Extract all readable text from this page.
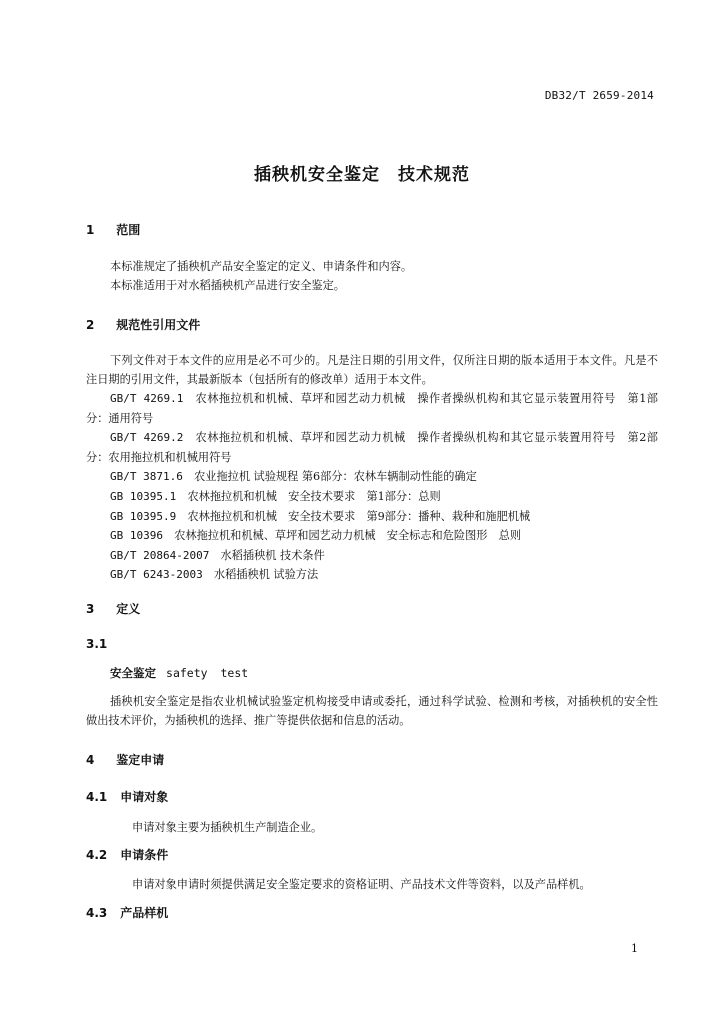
DB32/T 2659-2014
插秧机安全鉴定　技术规范
1 范围
本标准规定了插秧机产品安全鉴定的定义、申请条件和内容。
本标准适用于对水稻插秧机产品进行安全鉴定。
2 规范性引用文件
下列文件对于本文件的应用是必不可少的。凡是注日期的引用文件，仅所注日期的版本适用于本文件。凡是不注日期的引用文件，其最新版本（包括所有的修改单）适用于本文件。
GB/T 4269.1　 农林拖拉机和机械、草坪和园艺动力机械　操作者操纵机构和其它显示装置用符号　第1部分：通用符号
GB/T 4269.2　 农林拖拉机和机械、草坪和园艺动力机械　操作者操纵机构和其它显示装置用符号　第2部分：农用拖拉机和机械用符号
GB/T 3871.6　 农业拖拉机 试验规程 第6部分：农林车辆制动性能的确定
GB 10395.1　 农林拖拉机和机械　安全技术要求　第1部分：总则
GB 10395.9　 农林拖拉机和机械　安全技术要求　第9部分：播种、栽种和施肥机械
GB 10396　 农林拖拉机和机械、草坪和园艺动力机械　安全标志和危险图形　总则
GB/T 20864-2007　 水稻插秧机 技术条件
GB/T 6243-2003　 水稻插秧机 试验方法
3 定义
3.1
安全鉴定 safety test
插秧机安全鉴定是指农业机械试验鉴定机构接受申请或委托，通过科学试验、检测和考核，对插秧机的安全性做出技术评价，为插秧机的选择、推广等提供依据和信息的活动。
4 鉴定申请
4.1 申请对象
申请对象主要为插秧机生产制造企业。
4.2 申请条件
申请对象申请时须提供满足安全鉴定要求的资格证明、产品技术文件等资料，以及产品样机。
4.3 产品样机
1
